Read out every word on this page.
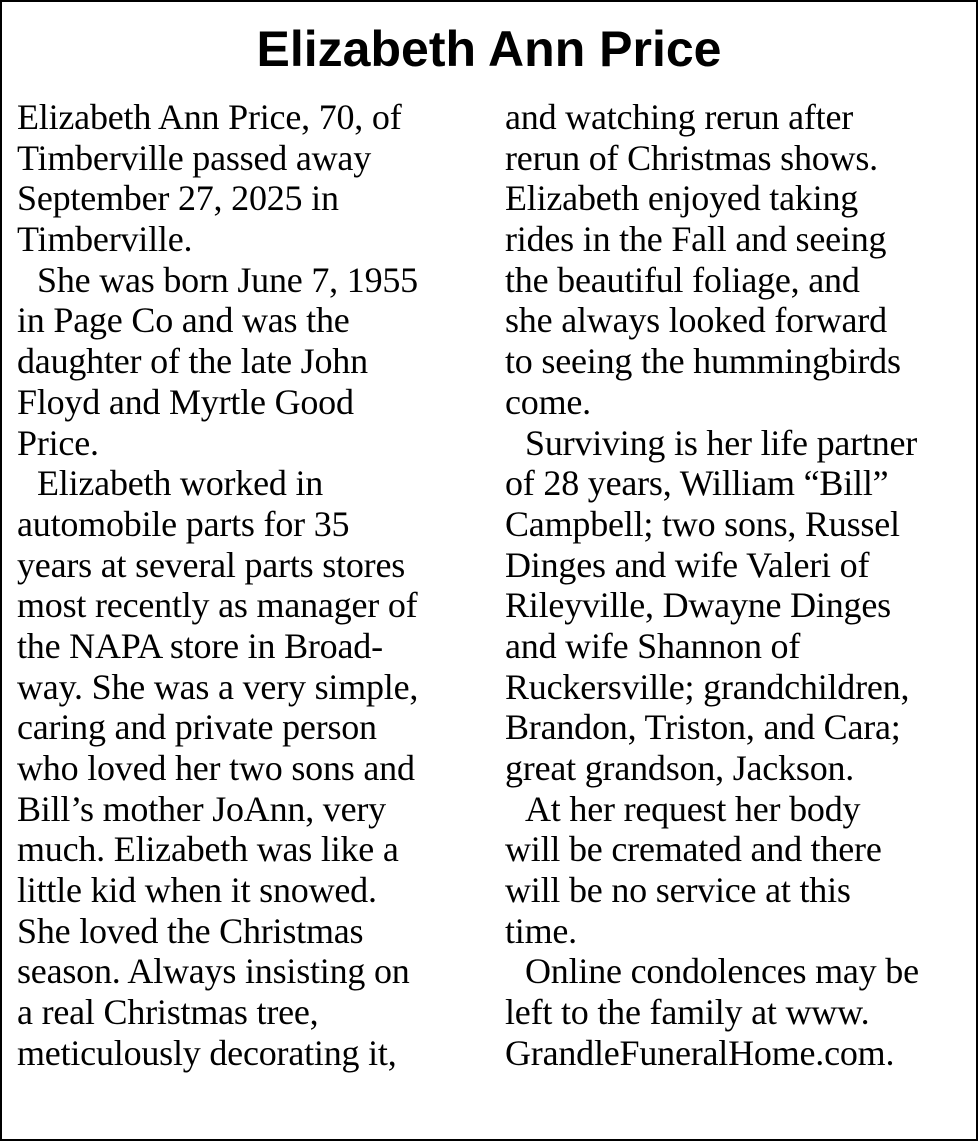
Elizabeth Ann Price
Elizabeth Ann Price, 70, of
Timberville passed away
September 27, 2025 in
Timberville.
She was born June 7, 1955
in Page Co and was the
daughter of the late John
Floyd and Myrtle Good
Price.
Elizabeth worked in
automobile parts for 35
years at several parts stores
most recently as manager of
the NAPA store in Broad-
way. She was a very simple,
caring and private person
who loved her two sons and
Bill’s mother JoAnn, very
much. Elizabeth was like a
little kid when it snowed.
She loved the Christmas
season. Always insisting on
a real Christmas tree,
meticulously decorating it,
and watching rerun after
rerun of Christmas shows.
Elizabeth enjoyed taking
rides in the Fall and seeing
the beautiful foliage, and
she always looked forward
to seeing the hummingbirds
come.
Surviving is her life partner
of 28 years, William “Bill”
Campbell; two sons, Russel
Dinges and wife Valeri of
Rileyville, Dwayne Dinges
and wife Shannon of
Ruckersville; grandchildren,
Brandon, Triston, and Cara;
great grandson, Jackson.
At her request her body
will be cremated and there
will be no service at this
time.
Online condolences may be
left to the family at www.
GrandleFuneralHome.com.
